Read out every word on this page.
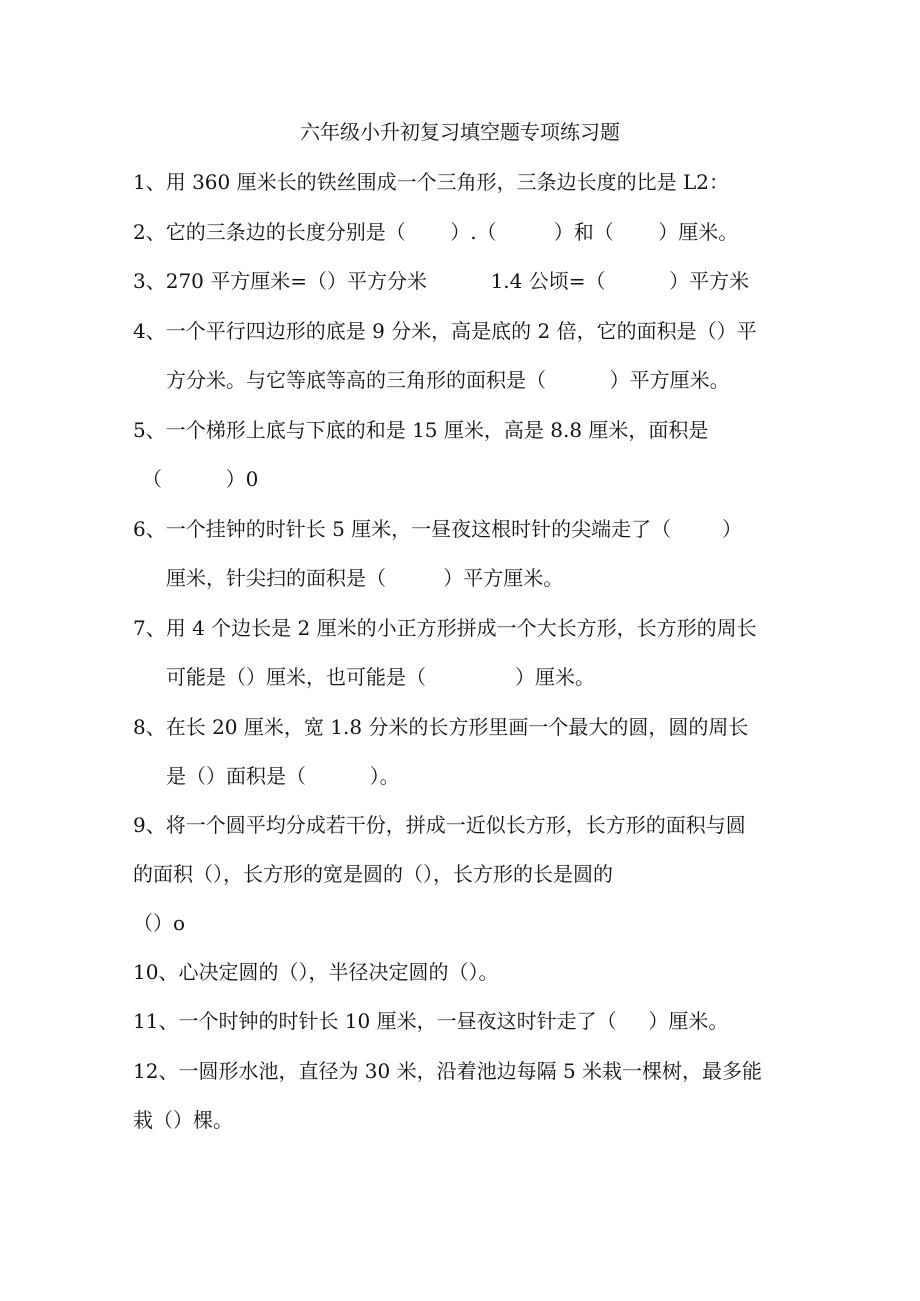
六年级小升初复习填空题专项练习题
1、用 360 厘米长的铁丝围成一个三角形，三条边长度的比是 L2：
2、它的三条边的长度分别是（       ）.（         ）和（       ）厘米。
3、270 平方厘米=（）平方分米          1.4 公顷=（          ）平方米
4、一个平行四边形的底是 9 分米，高是底的 2 倍，它的面积是（）平
方分米。与它等底等高的三角形的面积是（          ）平方厘米。
5、一个梯形上底与下底的和是 15 厘米，高是 8.8 厘米，面积是
（          ）0
6、一个挂钟的时针长 5 厘米，一昼夜这根时针的尖端走了（        ）
厘米，针尖扫的面积是（         ）平方厘米。
7、用 4 个边长是 2 厘米的小正方形拼成一个大长方形，长方形的周长
可能是（）厘米，也可能是（              ）厘米。
8、在长 20 厘米，宽 1.8 分米的长方形里画一个最大的圆，圆的周长
是（）面积是（          ）。
9、将一个圆平均分成若干份，拼成一近似长方形，长方形的面积与圆
的面积（），长方形的宽是圆的（），长方形的长是圆的
（）o
10、心决定圆的（），半径决定圆的（）。
11、一个时钟的时针长 10 厘米，一昼夜这时针走了（     ）厘米。
12、一圆形水池，直径为 30 米，沿着池边每隔 5 米栽一棵树，最多能
栽（）棵。
